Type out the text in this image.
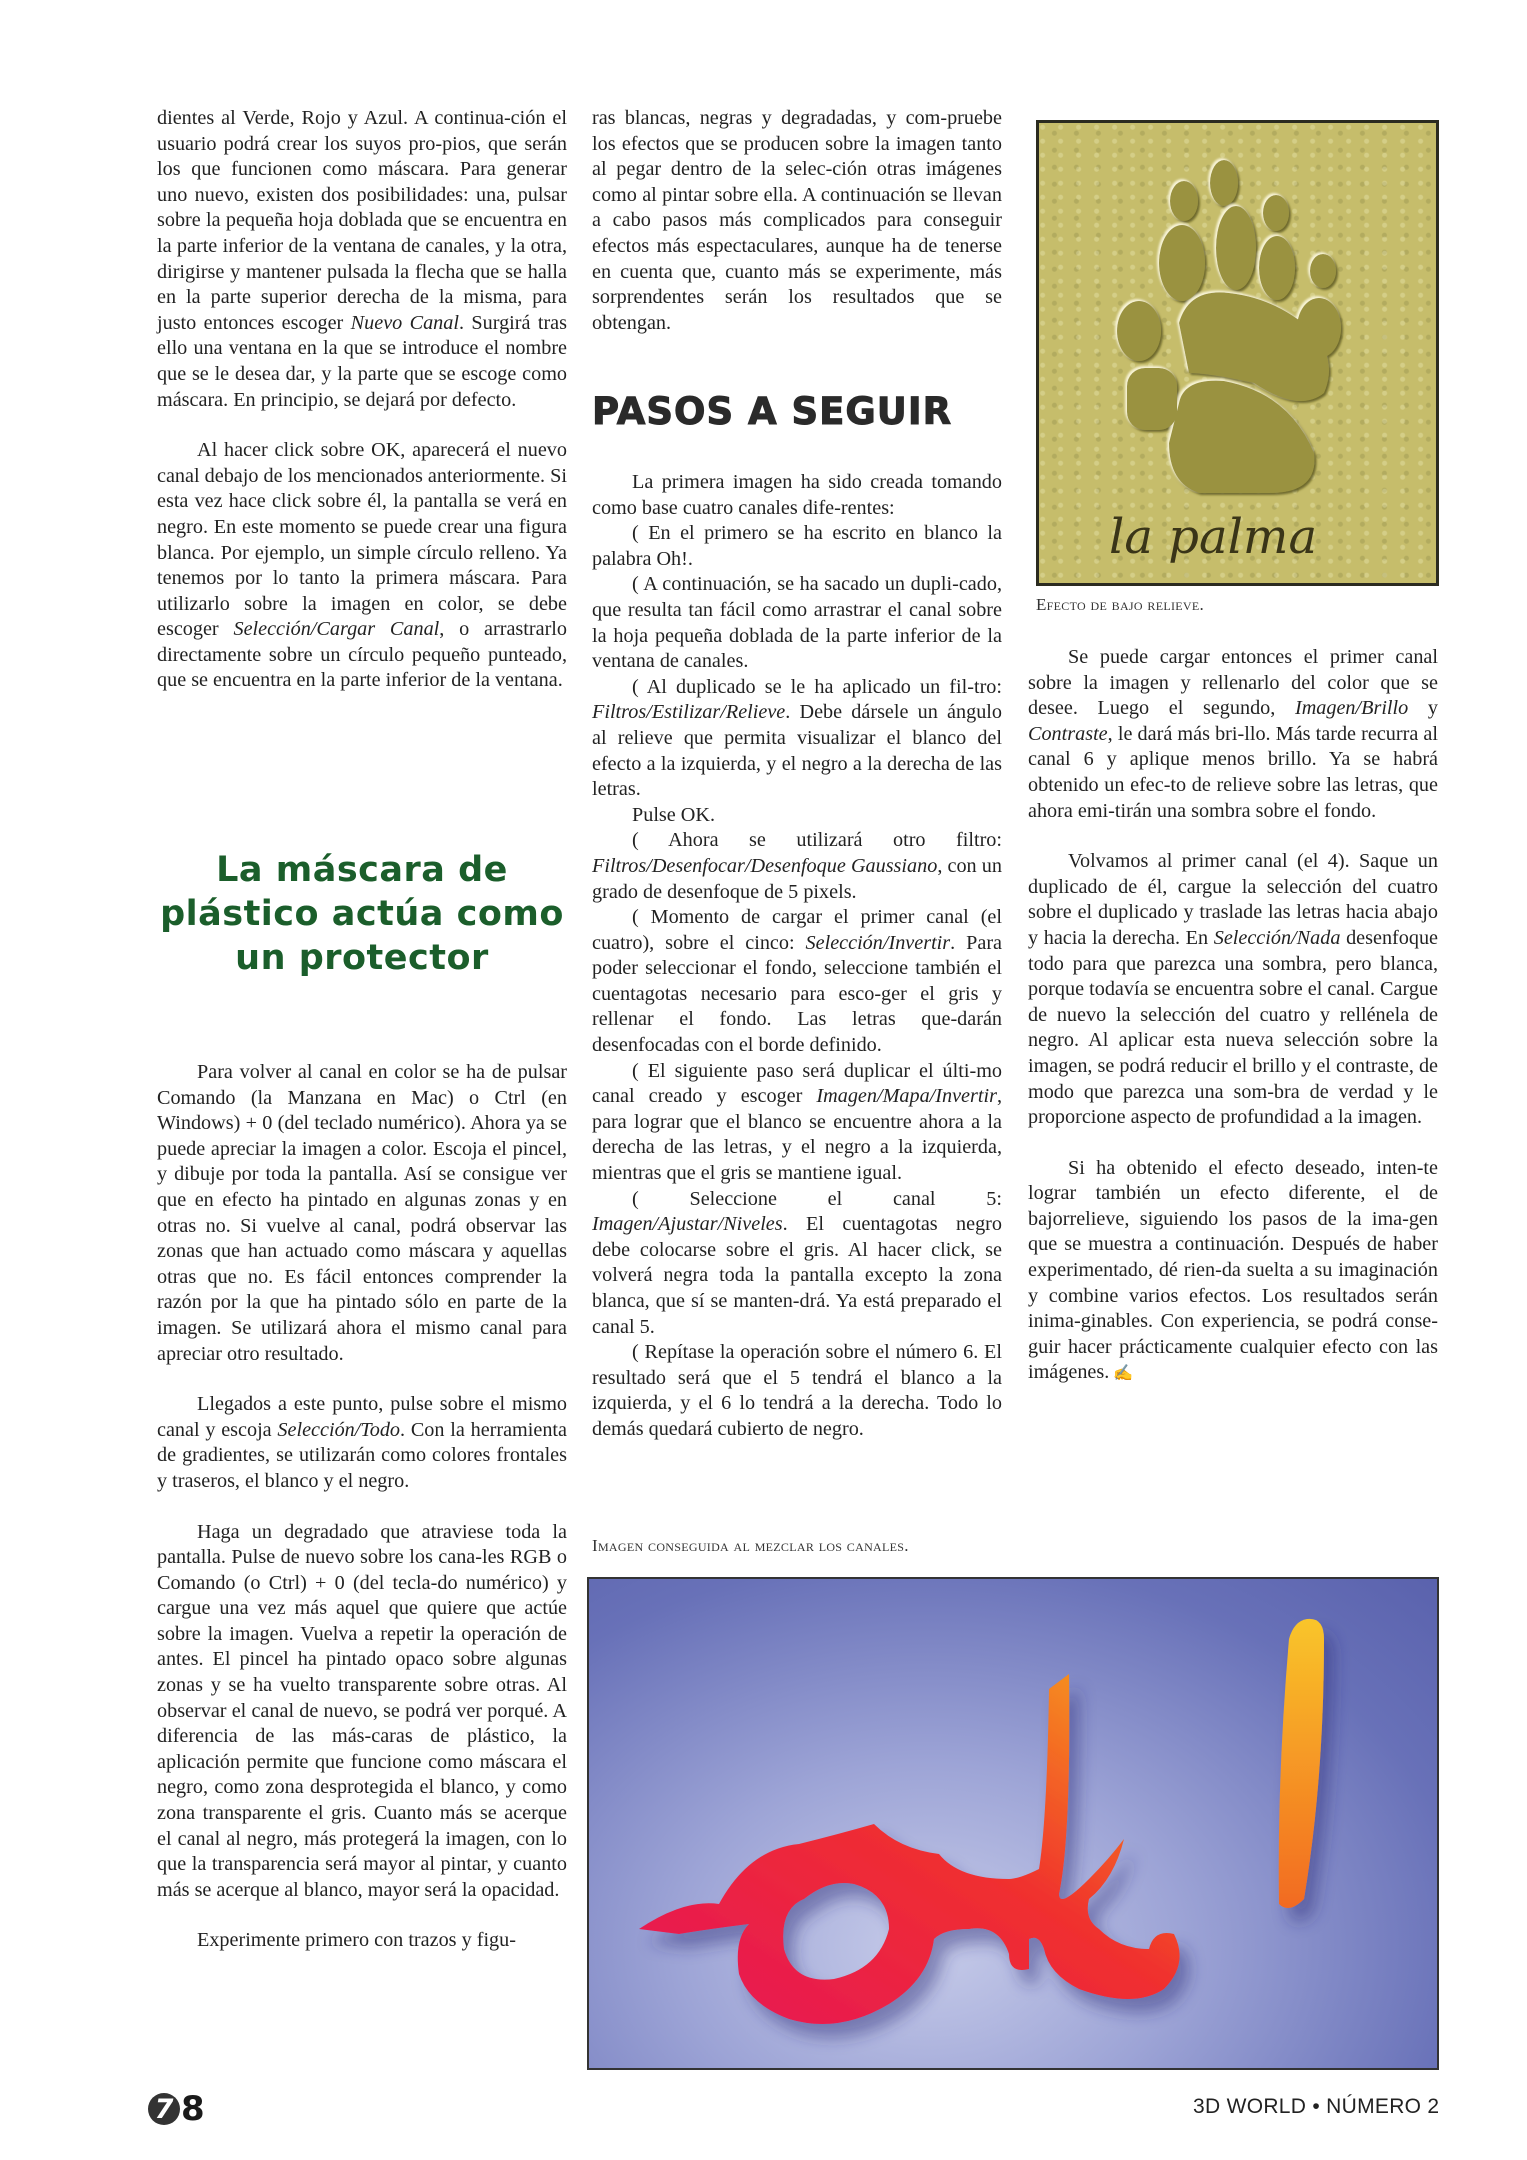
dientes al Verde, Rojo y Azul. A continua-ción el usuario podrá crear los suyos pro-pios, que serán los que funcionen como máscara. Para generar uno nuevo, existen dos posibilidades: una, pulsar sobre la pequeña hoja doblada que se encuentra en la parte inferior de la ventana de canales, y la otra, dirigirse y mantener pulsada la flecha que se halla en la parte superior derecha de la misma, para justo entonces escoger Nuevo Canal. Surgirá tras ello una ventana en la que se introduce el nombre que se le desea dar, y la parte que se escoge como máscara. En principio, se dejará por defecto.

Al hacer click sobre OK, aparecerá el nuevo canal debajo de los mencionados anteriormente. Si esta vez hace click sobre él, la pantalla se verá en negro. En este momento se puede crear una figura blanca. Por ejemplo, un simple círculo relleno. Ya tenemos por lo tanto la primera máscara. Para utilizarlo sobre la imagen en color, se debe escoger Selección/Cargar Canal, o arrastrarlo directamente sobre un círculo pequeño punteado, que se encuentra en la parte inferior de la ventana.

La máscara de plástico actúa como un protector

Para volver al canal en color se ha de pulsar Comando (la Manzana en Mac) o Ctrl (en Windows) + 0 (del teclado numérico). Ahora ya se puede apreciar la imagen a color. Escoja el pincel, y dibuje por toda la pantalla. Así se consigue ver que en efecto ha pintado en algunas zonas y en otras no. Si vuelve al canal, podrá observar las zonas que han actuado como máscara y aquellas otras que no. Es fácil entonces comprender la razón por la que ha pintado sólo en parte de la imagen. Se utilizará ahora el mismo canal para apreciar otro resultado.

Llegados a este punto, pulse sobre el mismo canal y escoja Selección/Todo. Con la herramienta de gradientes, se utilizarán como colores frontales y traseros, el blanco y el negro.

Haga un degradado que atraviese toda la pantalla. Pulse de nuevo sobre los cana-les RGB o Comando (o Ctrl) + 0 (del tecla-do numérico) y cargue una vez más aquel que quiere que actúe sobre la imagen. Vuelva a repetir la operación de antes. El pincel ha pintado opaco sobre algunas zonas y se ha vuelto transparente sobre otras. Al observar el canal de nuevo, se podrá ver porqué. A diferencia de las más-caras de plástico, la aplicación permite que funcione como máscara el negro, como zona desprotegida el blanco, y como zona transparente el gris. Cuanto más se acerque el canal al negro, más protegerá la imagen, con lo que la transparencia será mayor al pintar, y cuanto más se acerque al blanco, mayor será la opacidad.

Experimente primero con trazos y figu-

ras blancas, negras y degradadas, y com-pruebe los efectos que se producen sobre la imagen tanto al pegar dentro de la selec-ción otras imágenes como al pintar sobre ella. A continuación se llevan a cabo pasos más complicados para conseguir efectos más espectaculares, aunque ha de tenerse en cuenta que, cuanto más se experimente, más sorprendentes serán los resultados que se obtengan.

PASOS A SEGUIR

La primera imagen ha sido creada tomando como base cuatro canales dife-rentes:

( En el primero se ha escrito en blanco la palabra Oh!.

( A continuación, se ha sacado un dupli-cado, que resulta tan fácil como arrastrar el canal sobre la hoja pequeña doblada de la parte inferior de la ventana de canales.

( Al duplicado se le ha aplicado un fil-tro: Filtros/Estilizar/Relieve. Debe dársele un ángulo al relieve que permita visualizar el blanco del efecto a la izquierda, y el negro a la derecha de las letras.

Pulse OK.

( Ahora se utilizará otro filtro: Filtros/Desenfocar/Desenfoque Gaussiano, con un grado de desenfoque de 5 pixels.

( Momento de cargar el primer canal (el cuatro), sobre el cinco: Selección/Invertir. Para poder seleccionar el fondo, seleccione también el cuentagotas necesario para esco-ger el gris y rellenar el fondo. Las letras que-darán desenfocadas con el borde definido.

( El siguiente paso será duplicar el últi-mo canal creado y escoger Imagen/Mapa/Invertir, para lograr que el blanco se encuentre ahora a la derecha de las letras, y el negro a la izquierda, mientras que el gris se mantiene igual.

( Seleccione el canal 5: Imagen/Ajustar/Niveles. El cuentagotas negro debe colocarse sobre el gris. Al hacer click, se volverá negra toda la pantalla excepto la zona blanca, que sí se manten-drá. Ya está preparado el canal 5.

( Repítase la operación sobre el número 6. El resultado será que el 5 tendrá el blanco a la izquierda, y el 6 lo tendrá a la derecha. Todo lo demás quedará cubierto de negro.

Imagen conseguida al mezclar los canales.
la palma
Efecto de bajo relieve.

Se puede cargar entonces el primer canal sobre la imagen y rellenarlo del color que se desee. Luego el segundo, Imagen/Brillo y Contraste, le dará más bri-llo. Más tarde recurra al canal 6 y aplique menos brillo. Ya se habrá obtenido un efec-to de relieve sobre las letras, que ahora emi-tirán una sombra sobre el fondo.

Volvamos al primer canal (el 4). Saque un duplicado de él, cargue la selección del cuatro sobre el duplicado y traslade las letras hacia abajo y hacia la derecha. En Selección/Nada desenfoque todo para que parezca una sombra, pero blanca, porque todavía se encuentra sobre el canal. Cargue de nuevo la selección del cuatro y rellénela de negro. Al aplicar esta nueva selección sobre la imagen, se podrá reducir el brillo y el contraste, de modo que parezca una som-bra de verdad y le proporcione aspecto de profundidad a la imagen.

Si ha obtenido el efecto deseado, inten-te lograr también un efecto diferente, el de bajorrelieve, siguiendo los pasos de la ima-gen que se muestra a continuación. Después de haber experimentado, dé rien-da suelta a su imaginación y combine varios efectos. Los resultados serán inima-ginables. Con experiencia, se podrá conse-guir hacer prácticamente cualquier efecto con las imágenes. ✍

7 8	3D WORLD • NÚMERO 2
